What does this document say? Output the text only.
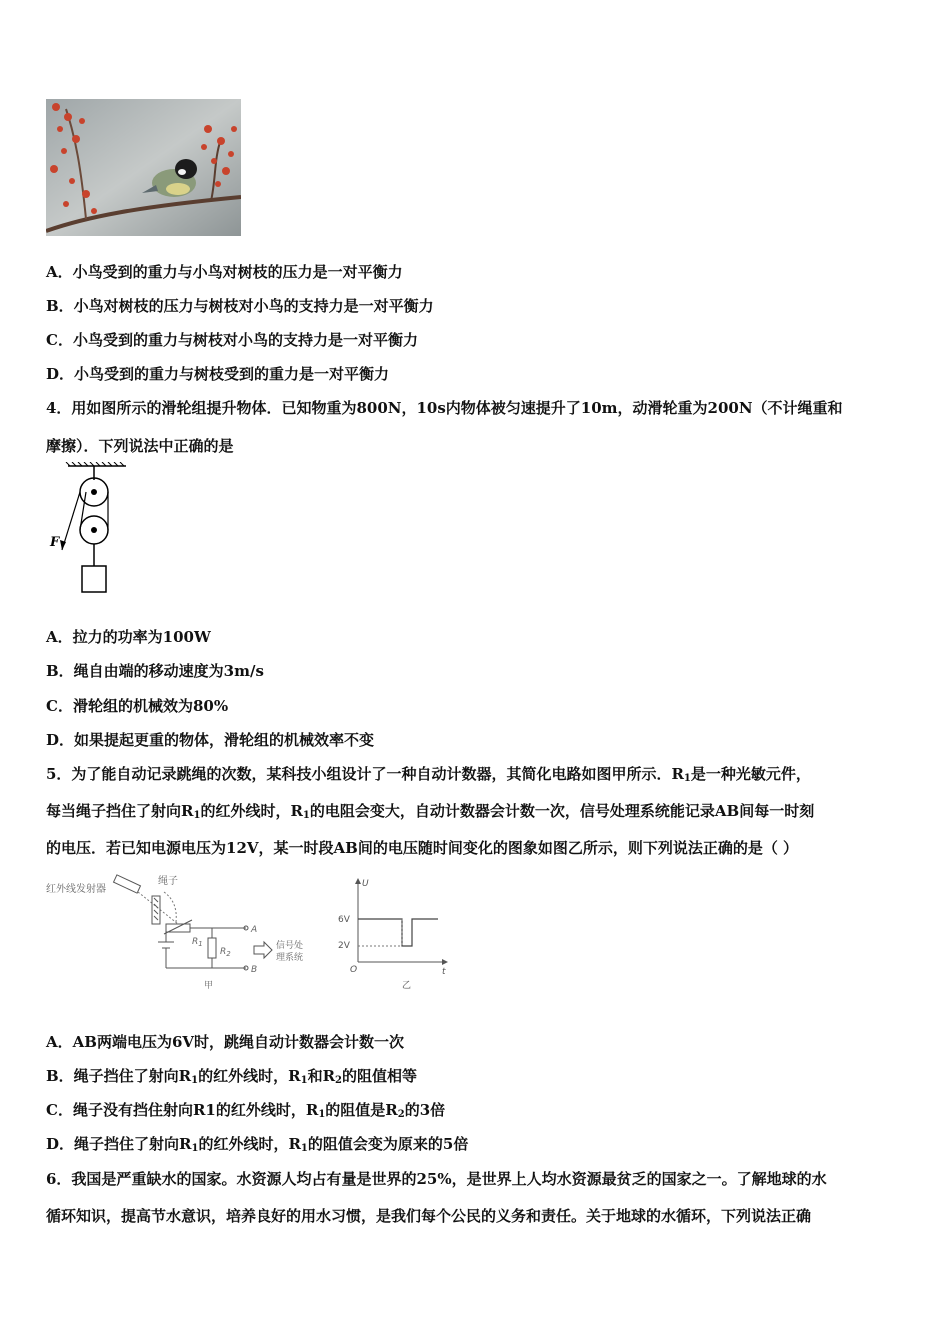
A．小鸟受到的重力与小鸟对树枝的压力是一对平衡力
B．小鸟对树枝的压力与树枝对小鸟的支持力是一对平衡力
C．小鸟受到的重力与树枝对小鸟的支持力是一对平衡力
D．小鸟受到的重力与树枝受到的重力是一对平衡力
4．用如图所示的滑轮组提升物体．已知物重为800N，10s内物体被匀速提升了10m，动滑轮重为200N（不计绳重和
摩擦）．下列说法中正确的是
F
A．拉力的功率为100W
B．绳自由端的移动速度为3m/s
C．滑轮组的机械效为80%
D．如果提起更重的物体，滑轮组的机械效率不变
5．为了能自动记录跳绳的次数，某科技小组设计了一种自动计数器，其简化电路如图甲所示．$R_1$是一种光敏元件，
每当绳子挡住了射向$R_1$的红外线时，$R_1$的电阻会变大，自动计数器会计数一次，信号处理系统能记录AB间每一时刻
的电压．若已知电源电压为12V，某一时段AB间的电压随时间变化的图象如图乙所示，则下列说法正确的是（ ）
红外线发射器
绳子
$R_1$
$R_2$
A
B
信号处
理系统
甲
U
t
O
6V
2V
乙
A．AB两端电压为6V时，跳绳自动计数器会计数一次
B．绳子挡住了射向$R_1$的红外线时，$R_1$和$R_2$的阻值相等
C．绳子没有挡住射向R1的红外线时，$R_1$的阻值是$R_2$的3倍
D．绳子挡住了射向$R_1$的红外线时，$R_1$的阻值会变为原来的5倍
6．我国是严重缺水的国家。水资源人均占有量是世界的25%，是世界上人均水资源最贫乏的国家之一。了解地球的水
循环知识，提高节水意识，培养良好的用水习惯，是我们每个公民的义务和责任。关于地球的水循环，下列说法正确
